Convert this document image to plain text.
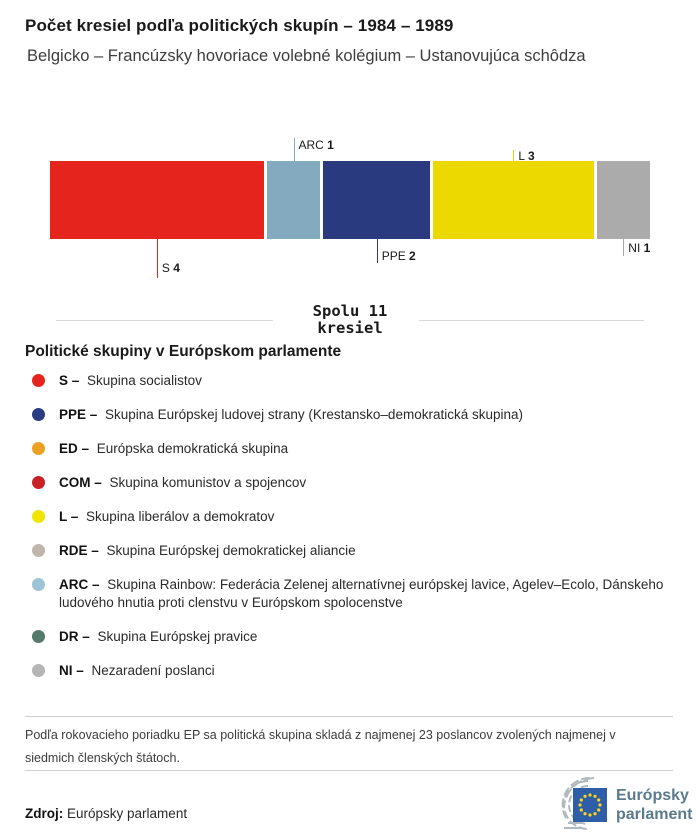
Počet kresiel podľa politických skupín – 1984 – 1989
Belgicko – Francúzsky hovoriace volebné kolégium – Ustanovujúca schôdza
S 4
ARC 1
PPE 2
L 3
NI 1
Spolu 11
kresiel
Politické skupiny v Európskom parlamente
S – Skupina socialistov
PPE – Skupina Európskej ludovej strany (Krestansko–demokratická skupina)
ED – Európska demokratická skupina
COM – Skupina komunistov a spojencov
L – Skupina liberálov a demokratov
RDE – Skupina Európskej demokratickej aliancie
ARC – Skupina Rainbow: Federácia Zelenej alternatívnej európskej lavice, Agelev–Ecolo, Dánskeho ludového hnutia proti clenstvu v Európskom spolocenstve
DR – Skupina Európskej pravice
NI – Nezaradení poslanci
Podľa rokovacieho poriadku EP sa politická skupina skladá z najmenej 23 poslancov zvolených najmenej v siedmich členských štátoch.
Zdroj: Európsky parlament
Európsky
parlament
